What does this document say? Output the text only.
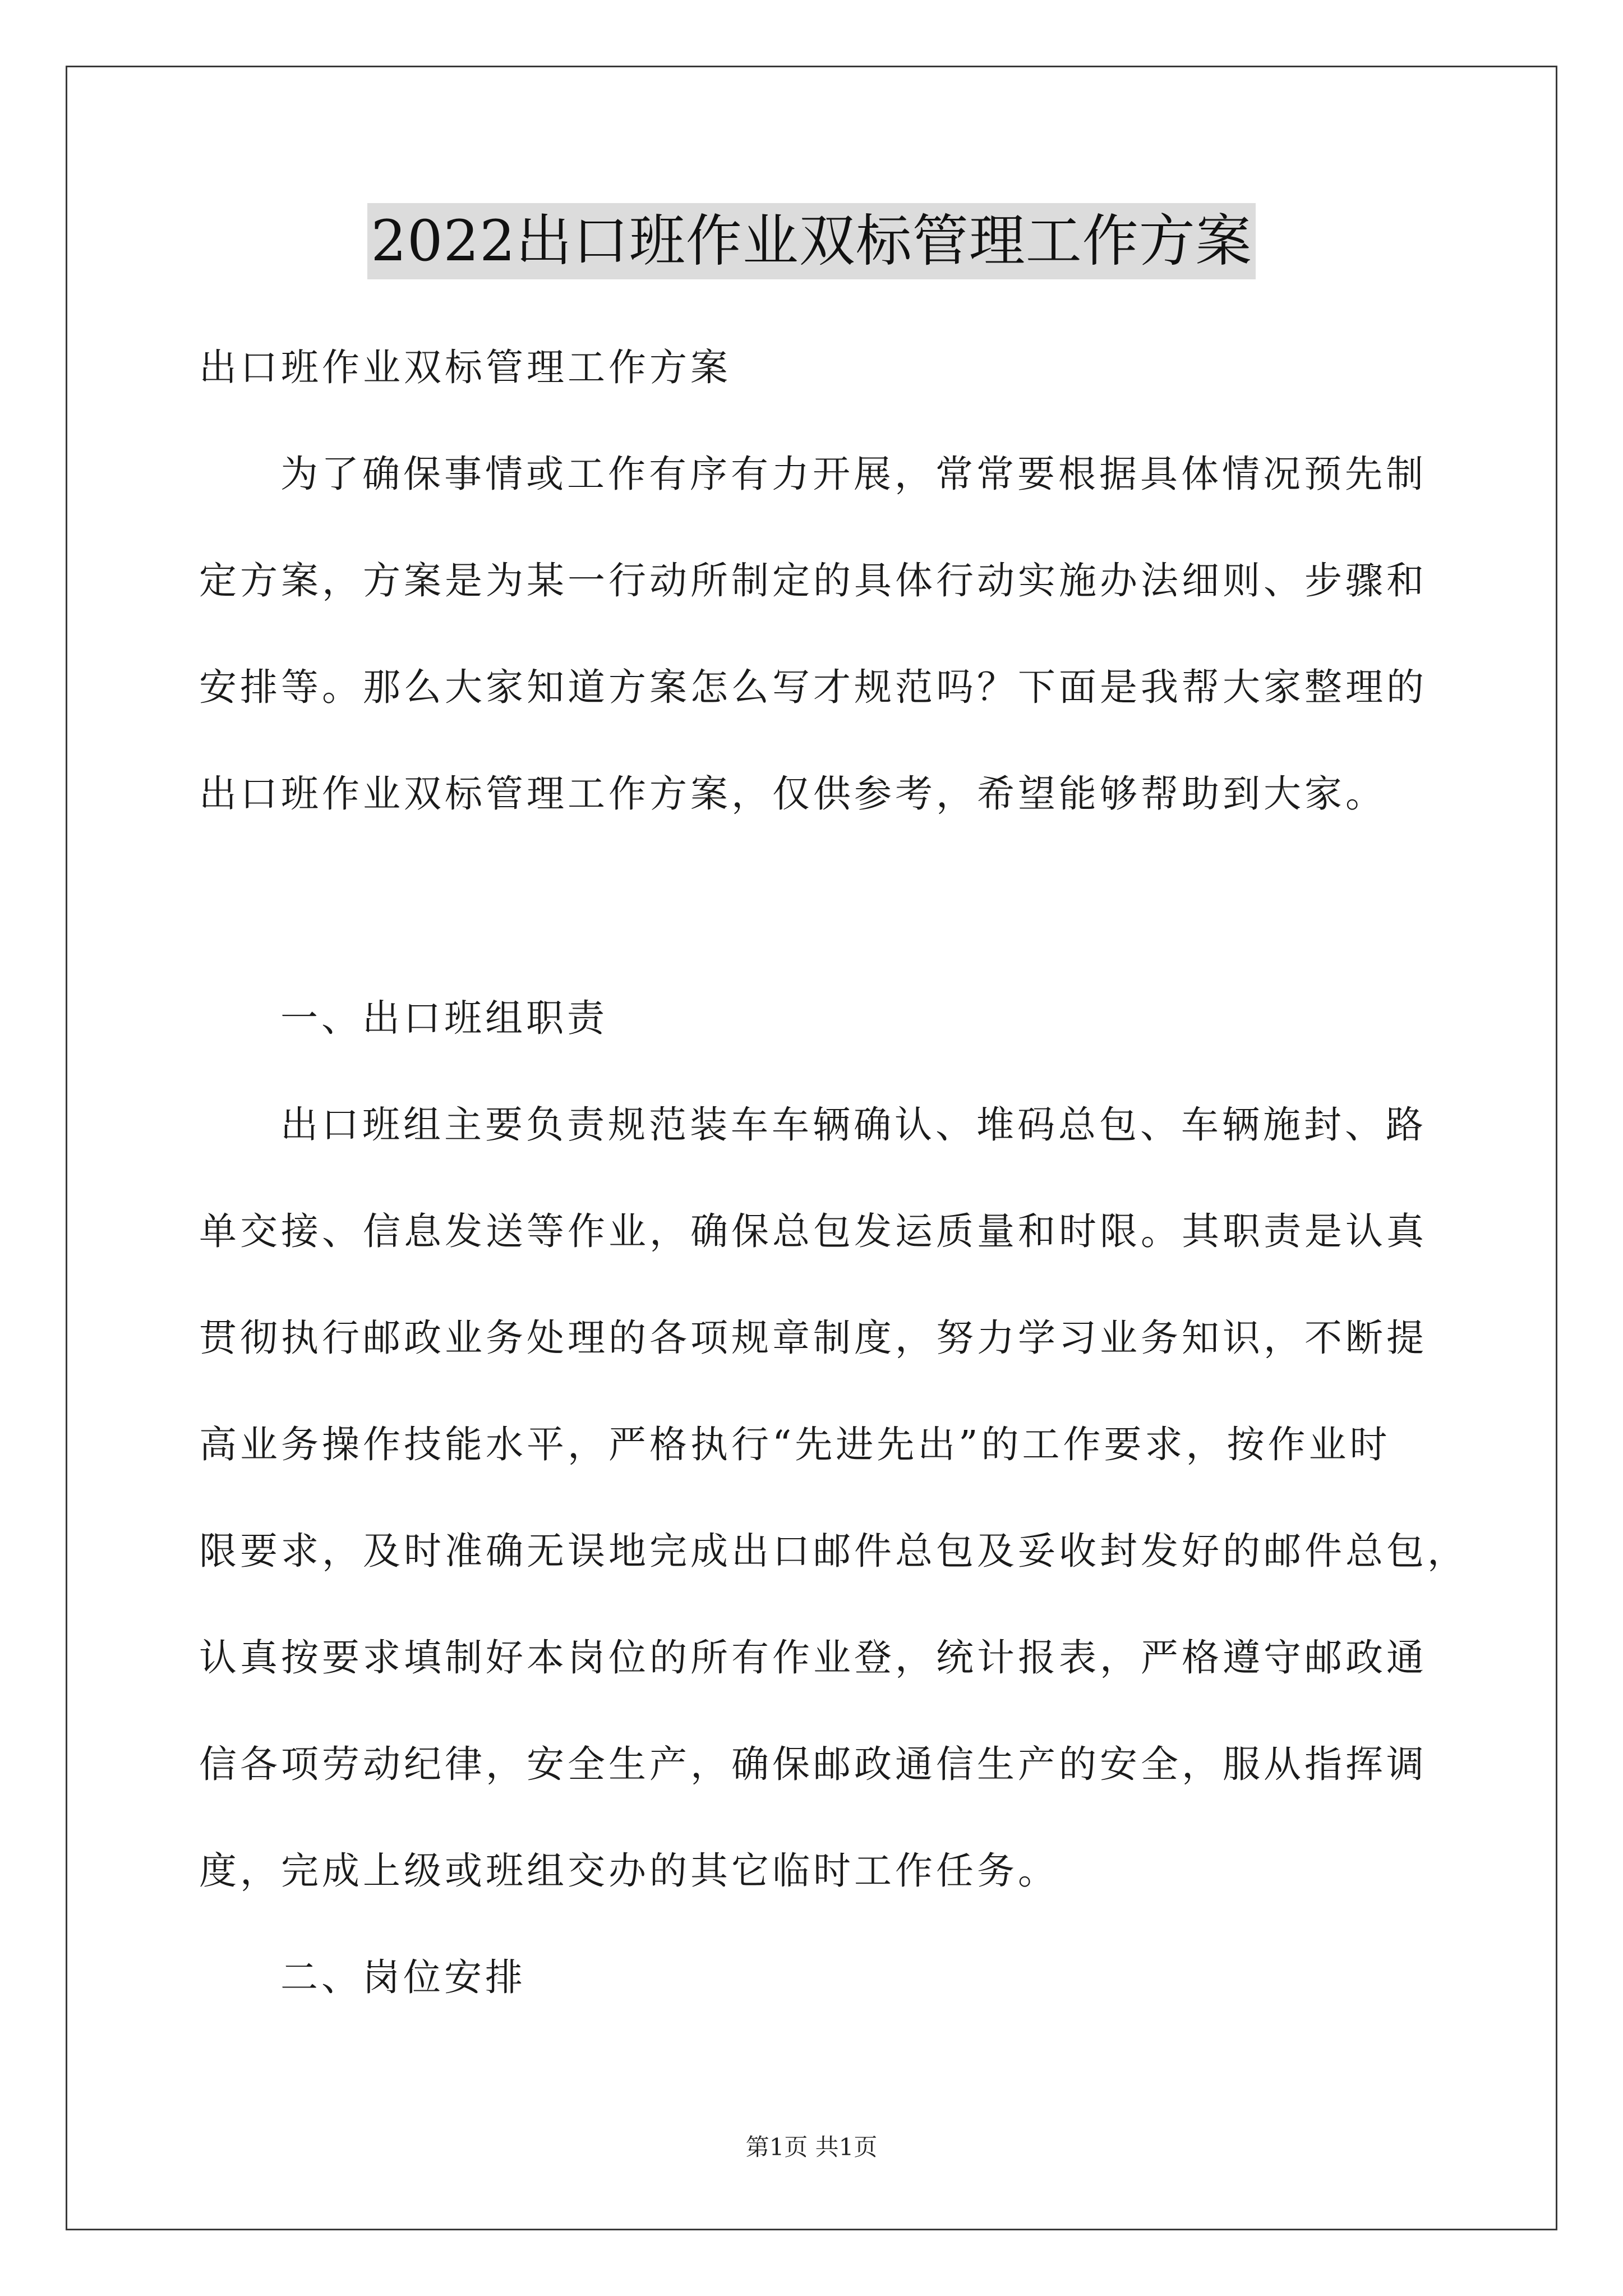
2022出口班作业双标管理工作方案
出口班作业双标管理工作方案
为了确保事情或工作有序有力开展，常常要根据具体情况预先制
定方案，方案是为某一行动所制定的具体行动实施办法细则、步骤和
安排等。那么大家知道方案怎么写才规范吗？下面是我帮大家整理的
出口班作业双标管理工作方案，仅供参考，希望能够帮助到大家。
一、出口班组职责
出口班组主要负责规范装车车辆确认、堆码总包、车辆施封、路
单交接、信息发送等作业，确保总包发运质量和时限。其职责是认真
贯彻执行邮政业务处理的各项规章制度，努力学习业务知识，不断提
高业务操作技能水平，严格执行“先进先出”的工作要求，按作业时
限要求，及时准确无误地完成出口邮件总包及妥收封发好的邮件总包，
认真按要求填制好本岗位的所有作业登，统计报表，严格遵守邮政通
信各项劳动纪律，安全生产，确保邮政通信生产的安全，服从指挥调
度，完成上级或班组交办的其它临时工作任务。
二、岗位安排
第1页 共1页
